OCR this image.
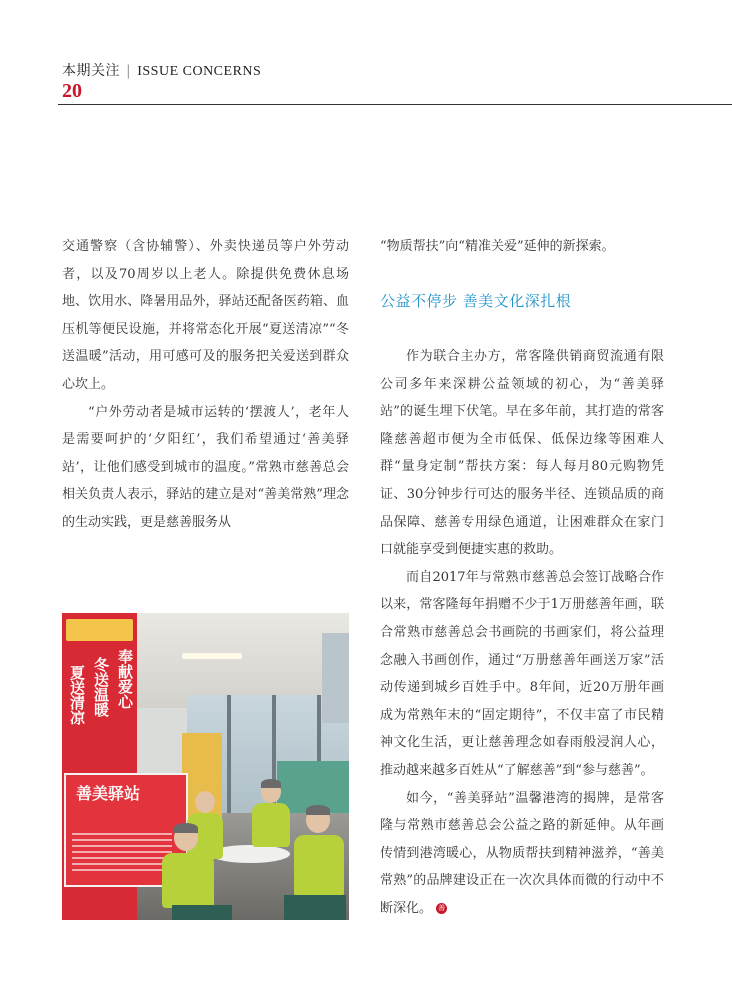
本期关注 | ISSUE CONCERNS
20

交通警察（含协辅警）、外卖快递员等户外劳动者，以及70周岁以上老人。除提供免费休息场地、饮用水、降暑用品外，驿站还配备医药箱、血压机等便民设施，并将常态化开展“夏送清凉”“冬送温暖”活动，用可感可及的服务把关爱送到群众心坎上。

“户外劳动者是城市运转的‘摆渡人’，老年人是需要呵护的‘夕阳红’，我们希望通过‘善美驿站’，让他们感受到城市的温度。”常熟市慈善总会相关负责人表示，驿站的建立是对“善美常熟”理念的生动实践，更是慈善服务从

“物质帮扶”向“精准关爱”延伸的新探索。

公益不停步 善美文化深扎根

作为联合主办方，常客隆供销商贸流通有限公司多年来深耕公益领域的初心，为“善美驿站”的诞生埋下伏笔。早在多年前，其打造的常客隆慈善超市便为全市低保、低保边缘等困难人群“量身定制”帮扶方案：每人每月80元购物凭证、30分钟步行可达的服务半径、连锁品质的商品保障、慈善专用绿色通道，让困难群众在家门口就能享受到便捷实惠的救助。

而自2017年与常熟市慈善总会签订战略合作以来，常客隆每年捐赠不少于1万册慈善年画，联合常熟市慈善总会书画院的书画家们，将公益理念融入书画创作，通过“万册慈善年画送万家”活动传递到城乡百姓手中。8年间，近20万册年画成为常熟年末的“固定期待”，不仅丰富了市民精神文化生活，更让慈善理念如春雨般浸润人心，推动越来越多百姓从“了解慈善”到“参与慈善”。

如今，“善美驿站”温馨港湾的揭牌，是常客隆与常熟市慈善总会公益之路的新延伸。从年画传情到港湾暖心，从物质帮扶到精神滋养，“善美常熟”的品牌建设正在一次次具体而微的行动中不断深化。 善

奉献爱心
冬送温暖
夏送清凉
善美驿站
